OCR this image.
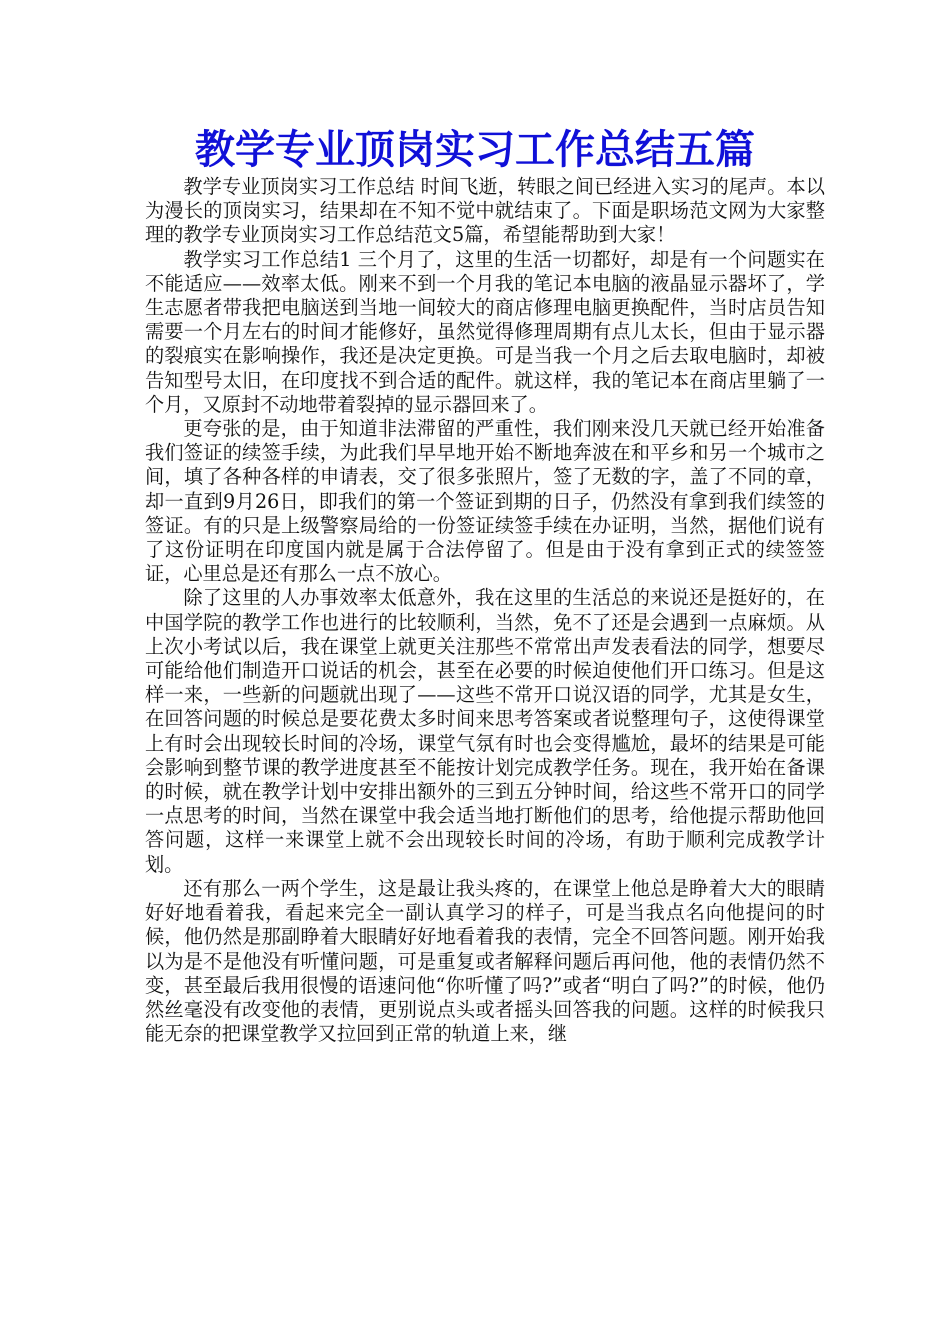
教学专业顶岗实习工作总结五篇

教学专业顶岗实习工作总结 时间飞逝，转眼之间已经进入实习的尾声。本以为漫长的顶岗实习，结果却在不知不觉中就结束了。下面是职场范文网为大家整理的教学专业顶岗实习工作总结范文5篇，希望能帮助到大家！

教学实习工作总结1 三个月了，这里的生活一切都好，却是有一个问题实在不能适应——效率太低。刚来不到一个月我的笔记本电脑的液晶显示器坏了，学生志愿者带我把电脑送到当地一间较大的商店修理电脑更换配件，当时店员告知需要一个月左右的时间才能修好，虽然觉得修理周期有点儿太长，但由于显示器的裂痕实在影响操作，我还是决定更换。可是当我一个月之后去取电脑时，却被告知型号太旧，在印度找不到合适的配件。就这样，我的笔记本在商店里躺了一个月，又原封不动地带着裂掉的显示器回来了。

更夸张的是，由于知道非法滞留的严重性，我们刚来没几天就已经开始准备我们签证的续签手续，为此我们早早地开始不断地奔波在和平乡和另一个城市之间，填了各种各样的申请表，交了很多张照片，签了无数的字，盖了不同的章，却一直到9月26日，即我们的第一个签证到期的日子，仍然没有拿到我们续签的签证。有的只是上级警察局给的一份签证续签手续在办证明，当然，据他们说有了这份证明在印度国内就是属于合法停留了。但是由于没有拿到正式的续签签证，心里总是还有那么一点不放心。

除了这里的人办事效率太低意外，我在这里的生活总的来说还是挺好的，在中国学院的教学工作也进行的比较顺利，当然，免不了还是会遇到一点麻烦。从上次小考试以后，我在课堂上就更关注那些不常常出声发表看法的同学，想要尽可能给他们制造开口说话的机会，甚至在必要的时候迫使他们开口练习。但是这样一来，一些新的问题就出现了——这些不常开口说汉语的同学，尤其是女生，在回答问题的时候总是要花费太多时间来思考答案或者说整理句子，这使得课堂上有时会出现较长时间的冷场，课堂气氛有时也会变得尴尬，最坏的结果是可能会影响到整节课的教学进度甚至不能按计划完成教学任务。现在，我开始在备课的时候，就在教学计划中安排出额外的三到五分钟时间，给这些不常开口的同学一点思考的时间，当然在课堂中我会适当地打断他们的思考，给他提示帮助他回答问题，这样一来课堂上就不会出现较长时间的冷场，有助于顺利完成教学计划。

还有那么一两个学生，这是最让我头疼的，在课堂上他总是睁着大大的眼睛好好地看着我，看起来完全一副认真学习的样子，可是当我点名向他提问的时候，他仍然是那副睁着大眼睛好好地看着我的表情，完全不回答问题。刚开始我以为是不是他没有听懂问题，可是重复或者解释问题后再问他，他的表情仍然不变，甚至最后我用很慢的语速问他“你听懂了吗?”或者“明白了吗?”的时候，他仍然丝毫没有改变他的表情，更别说点头或者摇头回答我的问题。这样的时候我只能无奈的把课堂教学又拉回到正常的轨道上来，继
